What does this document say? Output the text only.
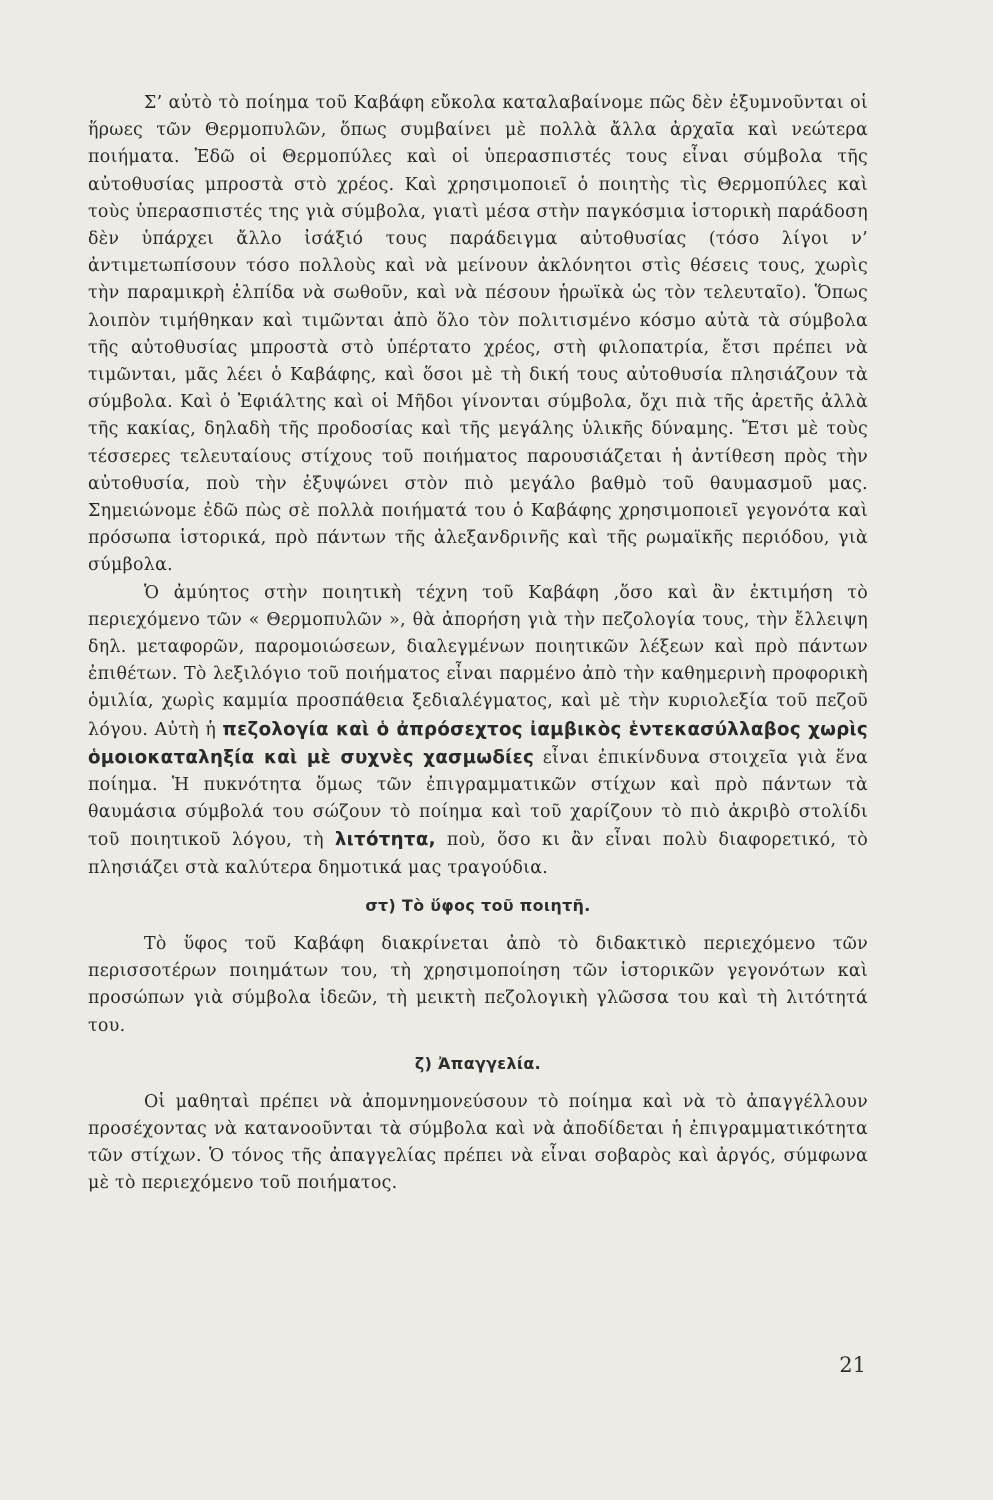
Σ’ αὐτὸ τὸ ποίημα τοῦ Καβάφη εὔκολα καταλαβαίνομε πῶς δὲν ἐξυμνοῦνται οἱ ἥρωες τῶν Θερμοπυλῶν, ὅπως συμβαίνει μὲ πολλὰ ἄλλα ἀρχαῖα καὶ νεώτερα ποιήματα. Ἐδῶ οἱ Θερμοπύλες καὶ οἱ ὑπερασπιστές τους εἶναι σύμβολα τῆς αὐτοθυσίας μπροστὰ στὸ χρέος. Καὶ χρησιμοποιεῖ ὁ ποιητὴς τὶς Θερμοπύλες καὶ τοὺς ὑπερασπιστές της γιὰ σύμβολα, γιατὶ μέσα στὴν παγκόσμια ἱστορικὴ παράδοση δὲν ὑπάρχει ἄλλο ἰσάξιό τους παράδειγμα αὐτοθυσίας (τόσο λίγοι ν’ ἀντιμετωπίσουν τόσο πολλοὺς καὶ νὰ μείνουν ἀκλόνητοι στὶς θέσεις τους, χωρὶς τὴν παραμικρὴ ἐλπίδα νὰ σωθοῦν, καὶ νὰ πέσουν ἡρωϊκὰ ὡς τὸν τελευταῖο). Ὅπως λοιπὸν τιμήθηκαν καὶ τιμῶνται ἀπὸ ὅλο τὸν πολιτισμένο κόσμο αὐτὰ τὰ σύμβολα τῆς αὐτοθυσίας μπροστὰ στὸ ὑπέρτατο χρέος, στὴ φιλοπατρία, ἔτσι πρέπει νὰ τιμῶνται, μᾶς λέει ὁ Καβάφης, καὶ ὅσοι μὲ τὴ δική τους αὐτοθυσία πλησιάζουν τὰ σύμβολα. Καὶ ὁ Ἐφιάλτης καὶ οἱ Μῆδοι γίνονται σύμβολα, ὄχι πιὰ τῆς ἀρετῆς ἀλλὰ τῆς κακίας, δηλαδὴ τῆς προδοσίας καὶ τῆς μεγάλης ὑλικῆς δύναμης. Ἔτσι μὲ τοὺς τέσσερες τελευταίους στίχους τοῦ ποιήματος παρουσιάζεται ἡ ἀντίθεση πρὸς τὴν αὐτοθυσία, ποὺ τὴν ἐξυψώνει στὸν πιὸ μεγάλο βαθμὸ τοῦ θαυμασμοῦ μας. Σημειώνομε ἐδῶ πὼς σὲ πολλὰ ποιήματά του ὁ Καβάφης χρησιμοποιεῖ γεγονότα καὶ πρόσωπα ἱστορικά, πρὸ πάντων τῆς ἀλεξανδρινῆς καὶ τῆς ρωμαϊκῆς περιόδου, γιὰ σύμβολα.

Ὁ ἀμύητος στὴν ποιητικὴ τέχνη τοῦ Καβάφη ,ὅσο καὶ ἂν ἐκτιμήση τὸ περιεχόμενο τῶν « Θερμοπυλῶν », θὰ ἀπορήση γιὰ τὴν πεζολογία τους, τὴν ἔλλειψη δηλ. μεταφορῶν, παρομοιώσεων, διαλεγμένων ποιητικῶν λέξεων καὶ πρὸ πάντων ἐπιθέτων. Τὸ λεξιλόγιο τοῦ ποιήματος εἶναι παρμένο ἀπὸ τὴν καθημερινὴ προφορικὴ ὁμιλία, χωρὶς καμμία προσπάθεια ξεδιαλέγματος, καὶ μὲ τὴν κυριολεξία τοῦ πεζοῦ λόγου. Αὐτὴ ἡ πεζολογία καὶ ὁ ἀπρόσεχτος ἰαμβικὸς ἑντεκασύλλαβος χωρὶς ὁμοιοκαταληξία καὶ μὲ συχνὲς χασμωδίες εἶναι ἐπικίνδυνα στοιχεῖα γιὰ ἕνα ποίημα. Ἡ πυκνότητα ὅμως τῶν ἐπιγραμματικῶν στίχων καὶ πρὸ πάντων τὰ θαυμάσια σύμβολά του σώζουν τὸ ποίημα καὶ τοῦ χαρίζουν τὸ πιὸ ἀκριβὸ στολίδι τοῦ ποιητικοῦ λόγου, τὴ λιτότητα, ποὺ, ὅσο κι ἂν εἶναι πολὺ διαφορετικό, τὸ πλησιάζει στὰ καλύτερα δημοτικά μας τραγούδια.

στ) Τὸ ὕφος τοῦ ποιητῆ.

Τὸ ὕφος τοῦ Καβάφη διακρίνεται ἀπὸ τὸ διδακτικὸ περιεχόμενο τῶν περισσοτέρων ποιημάτων του, τὴ χρησιμοποίηση τῶν ἱστορικῶν γεγονότων καὶ προσώπων γιὰ σύμβολα ἰδεῶν, τὴ μεικτὴ πεζολογικὴ γλῶσσα του καὶ τὴ λιτότητά του.

ζ) Ἀπαγγελία.

Οἱ μαθηταὶ πρέπει νὰ ἀπομνημονεύσουν τὸ ποίημα καὶ νὰ τὸ ἀπαγγέλλουν προσέχοντας νὰ κατανοοῦνται τὰ σύμβολα καὶ νὰ ἀποδίδεται ἡ ἐπιγραμματικότητα τῶν στίχων. Ὁ τόνος τῆς ἀπαγγελίας πρέπει νὰ εἶναι σοβαρὸς καὶ ἀργός, σύμφωνα μὲ τὸ περιεχόμενο τοῦ ποιήματος.

21
